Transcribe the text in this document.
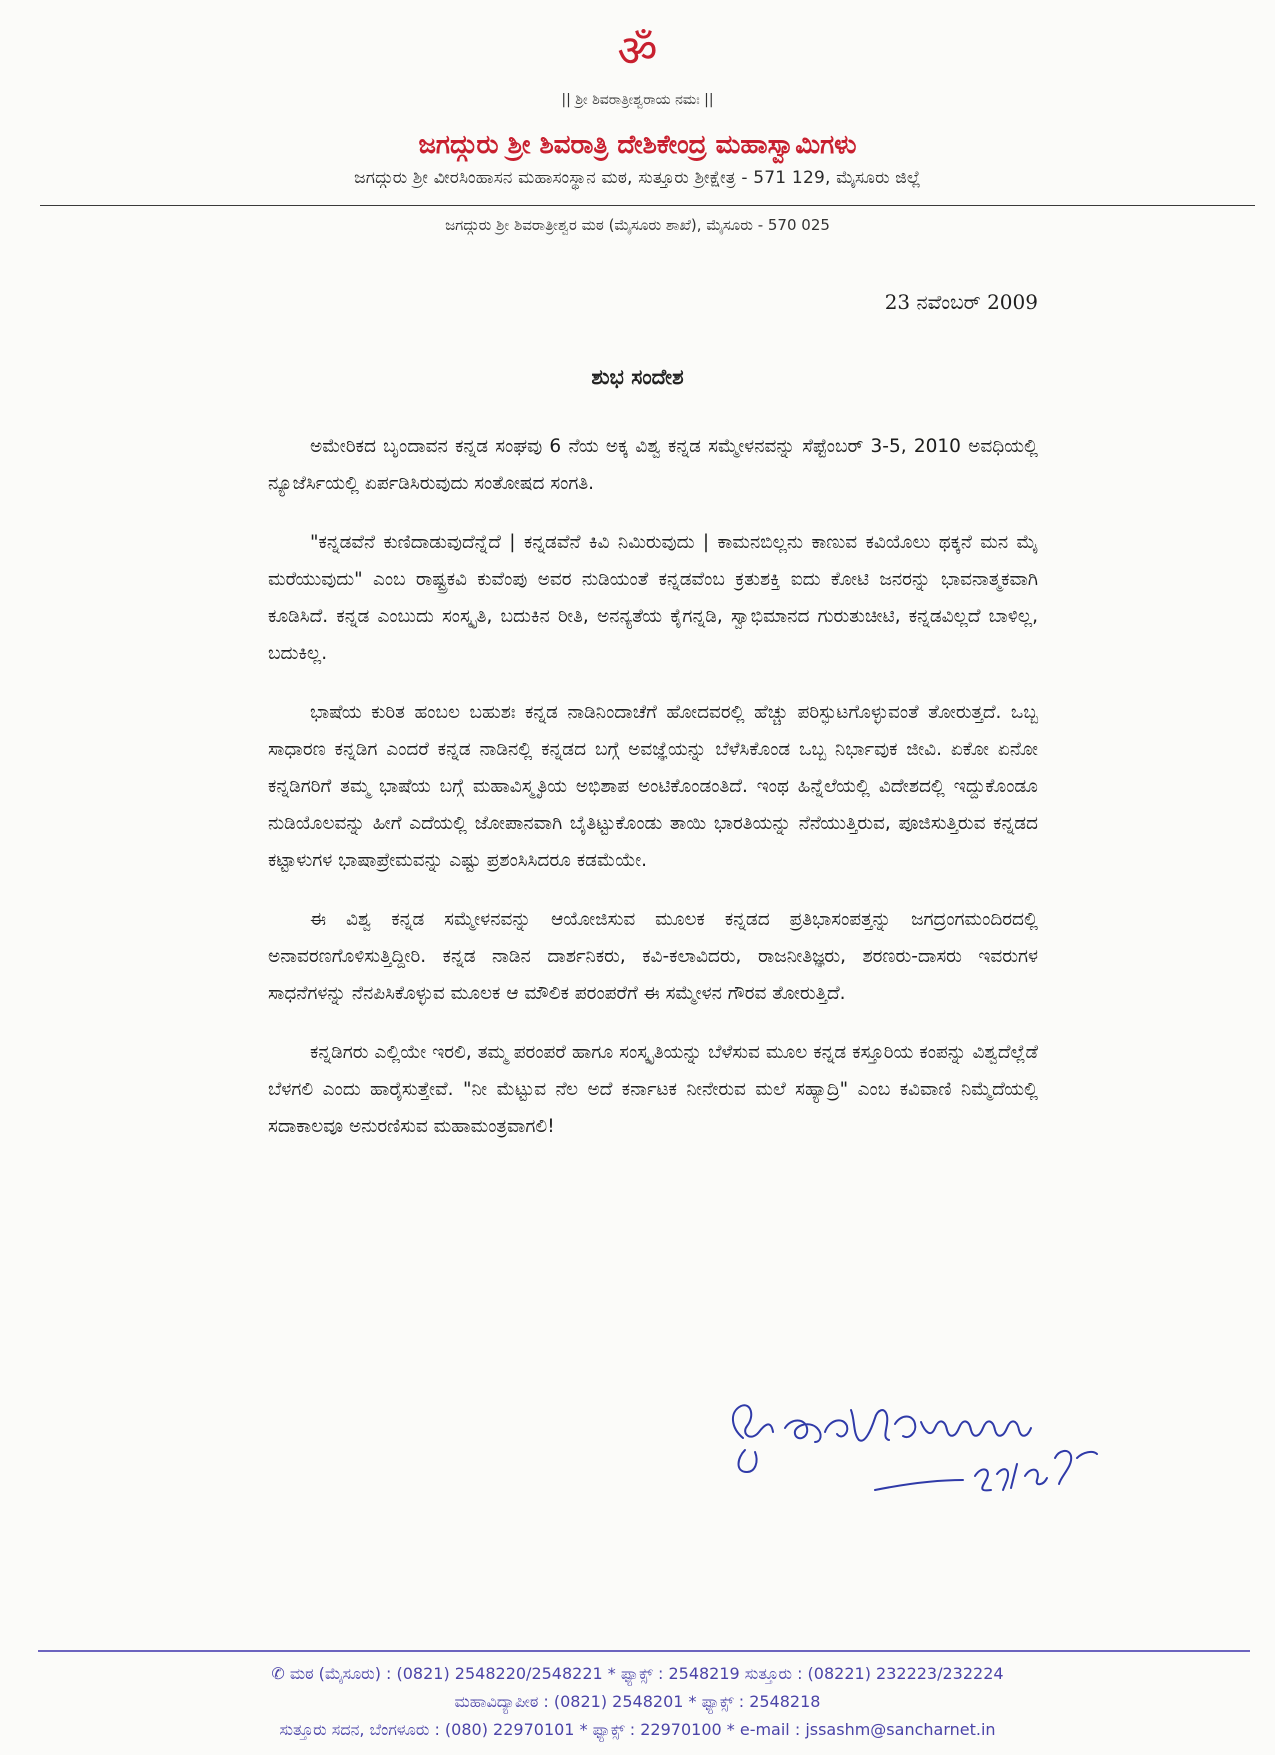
ॐ
|| ಶ್ರೀ ಶಿವರಾತ್ರೀಶ್ವರಾಯ ನಮಃ ||
ಜಗದ್ಗುರು ಶ್ರೀ ಶಿವರಾತ್ರಿ ದೇಶಿಕೇಂದ್ರ ಮಹಾಸ್ವಾಮಿಗಳು
ಜಗದ್ಗುರು ಶ್ರೀ ವೀರಸಿಂಹಾಸನ ಮಹಾಸಂಸ್ಥಾನ ಮಠ, ಸುತ್ತೂರು ಶ್ರೀಕ್ಷೇತ್ರ - 571 129, ಮೈಸೂರು ಜಿಲ್ಲೆ
ಜಗದ್ಗುರು ಶ್ರೀ ಶಿವರಾತ್ರೀಶ್ವರ ಮಠ (ಮೈಸೂರು ಶಾಖೆ), ಮೈಸೂರು - 570 025
23 ನವೆಂಬರ್ 2009
ಶುಭ ಸಂದೇಶ

ಅಮೇರಿಕದ ಬೃಂದಾವನ ಕನ್ನಡ ಸಂಘವು 6 ನೆಯ ಅಕ್ಕ ವಿಶ್ವ ಕನ್ನಡ ಸಮ್ಮೇಳನವನ್ನು ಸೆಪ್ಟೆಂಬರ್ 3-5, 2010 ಅವಧಿಯಲ್ಲಿ ನ್ಯೂಜೆರ್ಸಿಯಲ್ಲಿ ಏರ್ಪಡಿಸಿರುವುದು ಸಂತೋಷದ ಸಂಗತಿ.

"ಕನ್ನಡವೆನೆ ಕುಣಿದಾಡುವುದೆನ್ನೆದೆ | ಕನ್ನಡವೆನೆ ಕಿವಿ ನಿಮಿರುವುದು | ಕಾಮನಬಿಲ್ಲನು ಕಾಣುವ ಕವಿಯೊಲು ಥಕ್ಕನೆ ಮನ ಮೈ ಮರೆಯುವುದು" ಎಂಬ ರಾಷ್ಟ್ರಕವಿ ಕುವೆಂಪು ಅವರ ನುಡಿಯಂತೆ ಕನ್ನಡವೆಂಬ ಕ್ರತುಶಕ್ತಿ ಐದು ಕೋಟಿ ಜನರನ್ನು ಭಾವನಾತ್ಮಕವಾಗಿ ಕೂಡಿಸಿದೆ. ಕನ್ನಡ ಎಂಬುದು ಸಂಸ್ಕೃತಿ, ಬದುಕಿನ ರೀತಿ, ಅನನ್ಯತೆಯ ಕೈಗನ್ನಡಿ, ಸ್ವಾಭಿಮಾನದ ಗುರುತುಚೀಟಿ, ಕನ್ನಡವಿಲ್ಲದೆ ಬಾಳಿಲ್ಲ, ಬದುಕಿಲ್ಲ.

ಭಾಷೆಯ ಕುರಿತ ಹಂಬಲ ಬಹುಶಃ ಕನ್ನಡ ನಾಡಿನಿಂದಾಚೆಗೆ ಹೋದವರಲ್ಲಿ ಹೆಚ್ಚು ಪರಿಸ್ಫುಟಗೊಳ್ಳುವಂತೆ ತೋರುತ್ತದೆ. ಒಬ್ಬ ಸಾಧಾರಣ ಕನ್ನಡಿಗ ಎಂದರೆ ಕನ್ನಡ ನಾಡಿನಲ್ಲಿ ಕನ್ನಡದ ಬಗ್ಗೆ ಅವಜ್ಞೆಯನ್ನು ಬೆಳೆಸಿಕೊಂಡ ಒಬ್ಬ ನಿರ್ಭಾವುಕ ಜೀವಿ. ಏಕೋ ಏನೋ ಕನ್ನಡಿಗರಿಗೆ ತಮ್ಮ ಭಾಷೆಯ ಬಗ್ಗೆ ಮಹಾವಿಸ್ಮೃತಿಯ ಅಭಿಶಾಪ ಅಂಟಿಕೊಂಡಂತಿದೆ. ಇಂಥ ಹಿನ್ನೆಲೆಯಲ್ಲಿ ವಿದೇಶದಲ್ಲಿ ಇದ್ದುಕೊಂಡೂ ನುಡಿಯೊಲವನ್ನು ಹೀಗೆ ಎದೆಯಲ್ಲಿ ಜೋಪಾನವಾಗಿ ಬೈತಿಟ್ಟುಕೊಂಡು ತಾಯಿ ಭಾರತಿಯನ್ನು ನೆನೆಯುತ್ತಿರುವ, ಪೂಜಿಸುತ್ತಿರುವ ಕನ್ನಡದ ಕಟ್ಟಾಳುಗಳ ಭಾಷಾಪ್ರೇಮವನ್ನು ಎಷ್ಟು ಪ್ರಶಂಸಿಸಿದರೂ ಕಡಮೆಯೇ.

ಈ ವಿಶ್ವ ಕನ್ನಡ ಸಮ್ಮೇಳನವನ್ನು ಆಯೋಜಿಸುವ ಮೂಲಕ ಕನ್ನಡದ ಪ್ರತಿಭಾಸಂಪತ್ತನ್ನು ಜಗದ್ರಂಗಮಂದಿರದಲ್ಲಿ ಅನಾವರಣಗೊಳಿಸುತ್ತಿದ್ದೀರಿ. ಕನ್ನಡ ನಾಡಿನ ದಾರ್ಶನಿಕರು, ಕವಿ-ಕಲಾವಿದರು, ರಾಜನೀತಿಜ್ಞರು, ಶರಣರು-ದಾಸರು ಇವರುಗಳ ಸಾಧನೆಗಳನ್ನು ನೆನಪಿಸಿಕೊಳ್ಳುವ ಮೂಲಕ ಆ ಮೌಲಿಕ ಪರಂಪರೆಗೆ ಈ ಸಮ್ಮೇಳನ ಗೌರವ ತೋರುತ್ತಿದೆ.

ಕನ್ನಡಿಗರು ಎಲ್ಲಿಯೇ ಇರಲಿ, ತಮ್ಮ ಪರಂಪರೆ ಹಾಗೂ ಸಂಸ್ಕೃತಿಯನ್ನು ಬೆಳೆಸುವ ಮೂಲ ಕನ್ನಡ ಕಸ್ತೂರಿಯ ಕಂಪನ್ನು ವಿಶ್ವದೆಲ್ಲೆಡೆ ಬೆಳಗಲಿ ಎಂದು ಹಾರೈಸುತ್ತೇವೆ. "ನೀ ಮೆಟ್ಟುವ ನೆಲ ಅದೆ ಕರ್ನಾಟಕ ನೀನೇರುವ ಮಲೆ ಸಹ್ಯಾದ್ರಿ" ಎಂಬ ಕವಿವಾಣಿ ನಿಮ್ಮೆದೆಯಲ್ಲಿ ಸದಾಕಾಲವೂ ಅನುರಣಿಸುವ ಮಹಾಮಂತ್ರವಾಗಲಿ!

✆ ಮಠ (ಮೈಸೂರು) : (0821) 2548220/2548221 * ಫ್ಯಾಕ್ಸ್ : 2548219 ಸುತ್ತೂರು : (08221) 232223/232224
ಮಹಾವಿದ್ಯಾಪೀಠ : (0821) 2548201 * ಫ್ಯಾಕ್ಸ್ : 2548218
ಸುತ್ತೂರು ಸದನ, ಬೆಂಗಳೂರು : (080) 22970101 * ಫ್ಯಾಕ್ಸ್ : 22970100 * e-mail : jssashm@sancharnet.in
